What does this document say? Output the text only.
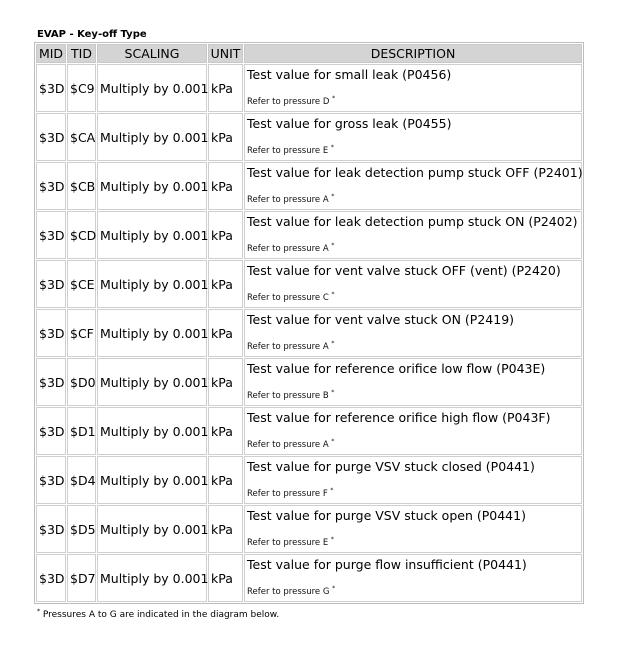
EVAP - Key-off Type
MID	TID	SCALING	UNIT	DESCRIPTION
$3D	$C9	Multiply by 0.001	kPa	Test value for small leak (P0456)
Refer to pressure D *

$3D	$CA	Multiply by 0.001	kPa	Test value for gross leak (P0455)
Refer to pressure E *

$3D	$CB	Multiply by 0.001	kPa	Test value for leak detection pump stuck OFF (P2401)
Refer to pressure A *

$3D	$CD	Multiply by 0.001	kPa	Test value for leak detection pump stuck ON (P2402)
Refer to pressure A *

$3D	$CE	Multiply by 0.001	kPa	Test value for vent valve stuck OFF (vent) (P2420)
Refer to pressure C *

$3D	$CF	Multiply by 0.001	kPa	Test value for vent valve stuck ON (P2419)
Refer to pressure A *

$3D	$D0	Multiply by 0.001	kPa	Test value for reference orifice low flow (P043E)
Refer to pressure B *

$3D	$D1	Multiply by 0.001	kPa	Test value for reference orifice high flow (P043F)
Refer to pressure A *

$3D	$D4	Multiply by 0.001	kPa	Test value for purge VSV stuck closed (P0441)
Refer to pressure F *

$3D	$D5	Multiply by 0.001	kPa	Test value for purge VSV stuck open (P0441)
Refer to pressure E *

$3D	$D7	Multiply by 0.001	kPa	Test value for purge flow insufficient (P0441)
Refer to pressure G *
* Pressures A to G are indicated in the diagram below.
